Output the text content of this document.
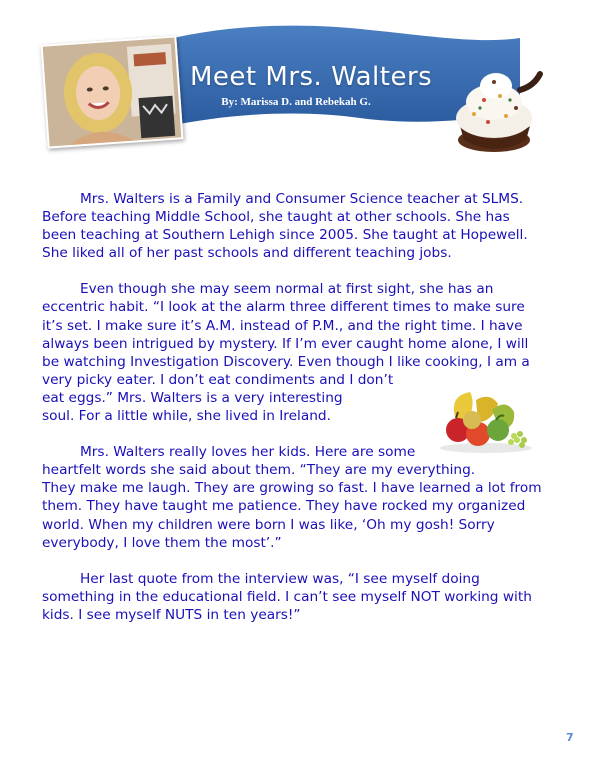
Meet Mrs. Walters
By: Marissa D. and Rebekah G.

Mrs. Walters is a Family and Consumer Science teacher at SLMS.
Before teaching Middle School, she taught at other schools. She has
been teaching at Southern Lehigh since 2005. She taught at Hopewell.
She liked all of her past schools and different teaching jobs.

Even though she may seem normal at first sight, she has an
eccentric habit. “I look at the alarm three different times to make sure
it’s set. I make sure it’s A.M. instead of P.M., and the right time. I have
always been intrigued by mystery. If I’m ever caught home alone, I will
be watching Investigation Discovery. Even though I like cooking, I am a
very picky eater. I don’t eat condiments and I don’t
eat eggs.” Mrs. Walters is a very interesting
soul. For a little while, she lived in Ireland.

Mrs. Walters really loves her kids. Here are some
heartfelt words she said about them. “They are my everything.
They make me laugh. They are growing so fast. I have learned a lot from
them. They have taught me patience. They have rocked my organized
world. When my children were born I was like, ‘Oh my gosh! Sorry
everybody, I love them the most’.”

Her last quote from the interview was, “I see myself doing
something in the educational field. I can’t see myself NOT working with
kids. I see myself NUTS in ten years!”

7
